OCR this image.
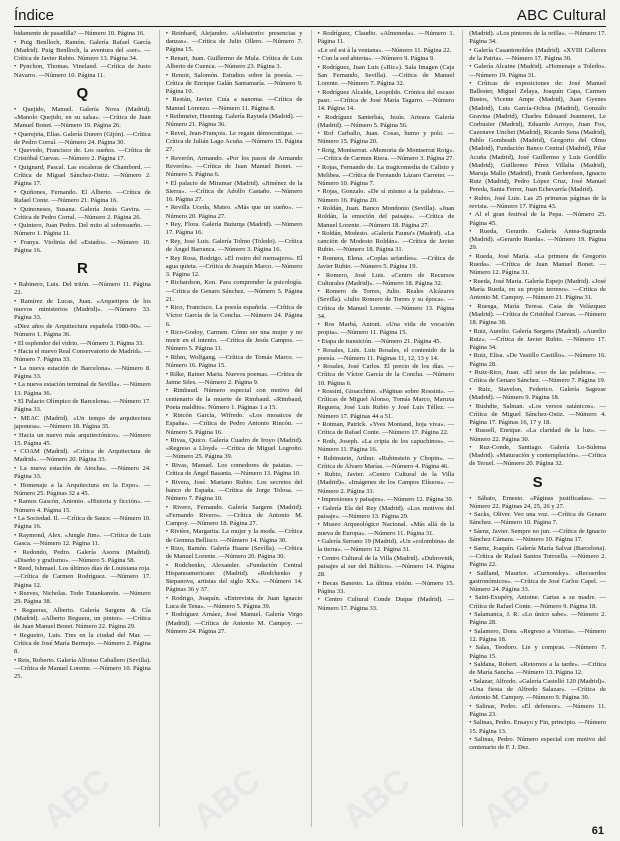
Índice	ABC Cultural
bidamente de pasadilla? —Número 10. Página 16.
• Puig Benlloch, Ramón. Galería Rafael García (Madrid). Puig Benlloch, la aventura del «ser». —Crítica de Javier Rubio. Número 13. Página 34.
• Pynchon, Thomas. Vineland. —Crítica de Justo Navarro. —Número 10. Página 11.
Q
• Quejido, Manuel. Galería Nova (Madrid). «Manolo Quejido, en su salsa». —Crítica de Juan Manuel Bonet. —Número 19. Página 26.
• Querejeta, Elías. Galería Durero (Gijón). —Crítica de Pedro Corral. —Número 24. Página 30.
• Quevedo, Francisco de. Los sueños. —Crítica de Cristóbal Cuevas. —Número 2. Página 17.
• Quignard, Pascal. Las escaleras de Chambord. —Crítica de Miguel Sánchez-Ostiz. —Número 2. Página 17.
• Quiñones, Fernando. El Alberto. —Crítica de Rafael Conte. —Número 21. Página 16.
• Quinoneses, Susana. Galería Jesús Gavira. —Crítica de Pedro Corral. —Número 2. Página 26.
• Quintero, Juan Pedro. Del mito al sobresueño. —Número 1. Página 11.
• Franya. Violinia del «Estado». —Número 10. Página 16.
R
• Rabinero, Luis. Del tritón. —Número 11. Página 22.
• Ramírez de Lucas, Juan. «Arquetipos de los nuevos ministerios (Madrid)». —Número 33. Página 33.
«Diez años de Arquitectura española 1980-90». —Número 1. Página 36.
• El esplendor del vidrio. —Número 3. Página 33.
• Hacia el nuevo Real Conservatorio de Madrid». —Número 7. Página 33.
• La nueva estación de Barcelona». —Número 8. Página 33.
• La nueva estación terminal de Sevilla». —Número 13. Página 36.
• El Palacio Olímpico de Barcelona». —Número 17. Página 33.
• MEAC (Madrid). «Un tempo de arquitectura japonesa». —Número 18. Página 35.
• Hacia un nuevo más arquitectónico». —Número 15. Página 45.
• COAM (Madrid). «Crítica de Arquitectura de Madrid». —Número 20. Página 33.
• La nueva estación de Atocha». —Número 24. Página 33.
• Homenaje a la Arquitectura en la Expo». —Número 25. Páginas 32 a 45.
• Ramos Gascón, Antonio. «Historia y ficción». —Número 4. Página 15.
• La Sociedad. Il. —Crítica de Sauce. —Número 10. Página 16.
• Raymond, Alex. «Jungle Jim». —Crítica de Luis Gasca. —Número 12. Página 11.
• Redondo, Pedro. Galería Asorra (Madrid). «Diseño y grafismo». —Número 5. Página 58.
• Reed, Ishmael. Los últimos días de Louisiana roja. —Crítica de Carmen Rodríguez. —Número 17. Página 12.
• Reeves, Nicholas. Todo Tutankamón. —Número 29. Página 38.
• Regueras, Alberto. Galería Sargens & Cía (Madrid). «Alberto Reguera, un pintor». —Crítica de Juan Manuel Bonet. Número 22. Página 29.
• Regueiro, Luis. Tres en la ciudad del Mar. —Crítica de José María Bermejo. —Número 2. Página 8.
• Reis, Roberto. Galería Alfonso Caballero (Sevilla). —Crítica de Manuel Lorente. —Número 10. Página 25.
• Reinhard, Alejandro. «Alebatorio: presencias y danzas». —Crítica de Julio Ollero. —Número 7. Página 15.
• Renart, Juan. Guillermo de Mula. Crítica de Luis Alberto de Cuenca. —Número 23. Página 3.
• Renoir, Salomón. Estudios sobre la poesía. —Crítica de Enrique Galán Santamaría. —Número 9. Página 10.
• Restán, Javier. Cuía a nanoma. —Crítica de Manuel Lorenzo. —Número 11. Página 8.
• Rethmeier, Henning. Galería Rayuela (Madrid). —Número 21. Página 36.
• Revel, Jean-François. Le regain démocratique. —Crítica de Julián Lago Acuña. —Número 15. Página 27.
• Reverón, Armando. «Por los pasos de Armando Reverón». —Crítica de Juan Manuel Bonet. —Número 5. Página 6.
• El palacio de Miramar (Madrid). «Jiménez de la Sierra». —Crítica de Adolfo Castaño. —Número 16. Página 27.
• Revilla Uceda, Mateo. «Más que un sueño». —Número 20. Página 27.
• Rey, Flora. Galería Buturqa (Madrid). —Número 17. Página 16.
• Rey, José Luis. Galería Tolmo (Toledo). —Crítica de Ángel Barranca. —Número 3. Página 16.
• Rey Rosa, Rodrigo. «El rostro del mensajero». El agua quieta. —Crítica de Joaquín Marco. —Número 3. Página 12.
• Richardson, Ken. Para comprender la psicología. —Crítica de Genaro Sánchez. —Número 5. Página 21.
• Rico, Francisco. La poesía española. —Crítica de Víctor García de la Concha. —Número 24. Página 6.
• Rico-Godoy, Carmen. Cómo ser una mujer y no morir en el intento. —Crítica de Jesús Campos. —Número 5. Página 11.
• Rihm, Wolfgang. —Crítica de Tomás Marco. —Número 16. Página 15.
• Rilke, Rainer Maria. Nuevos poemas. —Crítica de Jaime Siles. —Número 2. Página 9.
• Rimbaud. Número especial con motivo del centenario de la muerte de Rimbaud. «Rimbaud, Poeta maldito». Número 1. Páginas 1 a 15.
• Rincón García, Wifredo. «Los mosaicos de España». —Crítica de Pedro Antonio Rincón. —Número 5. Página 16.
• Rivas, Quico. Galería Cuadro de Iroyo (Madrid). «Regreso a Lloyd» —Crítica de Miguel Logroño. —Número 25. Página 39.
• Rivas, Manuel. Los comedores de patatas. —Crítica de Ángel Basanta. —Número 13. Página 10.
• Rivera, José. Mariano Rubio. Los secretos del banco de España. —Crítica de Jorge Tolosa. —Número 7. Página 10.
• Rivero, Fernando. Galería Sargens (Madrid). «Fernando Rivero». —Crítica de Antonio M. Campoy. —Número 18. Página 27.
• Rivière, Margarita. La mujer y la moda. —Crítica de Gemma Bellisco. —Número 14. Página 30.
• Rizo, Ramón. Galería Haane (Sevilla). —Crítica de Manuel Lorente. —Número 20. Página 30.
• Rodchenko, Alexander. «Fundación Central Hispanoamericano (Madrid). «Rodchenko y Stepanova, artistas del siglo XX». —Número 14. Páginas 36 y 37.
• Rodrigo, Joaquín. «Entrevista de Juan Ignacio Luca de Tena». —Número 5. Página 39.
• Rodríguez Arnáez, José Manuel. Galería Virgo (Madrid). —Crítica de Antonio M. Campoy. —Número 24. Página 27.
• Rodríguez, Claudio. «Almoneda». —Número 1. Página 11.
«Le sol est à la ventana». —Número 11. Página 22.
• Con la sed abierta». —Número 9. Página 9.
• Rodríguez, Juan Luis («Ric»). Sala Imagen (Caja San Fernando, Sevilla). —Crítica de Manuel Lorente. —Número 7. Página 32.
• Rodríguez Alcalde, Leopoldo. Crónica del escaso paso. —Crítica de José María Tagarro. —Número 14. Página 14.
• Rodríguez Santerbás, Jesús. Arteara Galería (Madrid). —Número 5. Página 56.
• Rof Carballo, Juan. Cosas, humo y polo. —Número 15. Página 20.
• Roig, Montserrat. «Memoria de Montserrat Roig». —Crítica de Carmen Riera. —Número 3. Página 27.
• Rojas, Fernando de. La tragicomedia de Calisto y Melibea. —Crítica de Fernando Lázaro Carreter. —Número 10. Página 7.
• Rojas, Gonzalo. «De sí mismo a la palabra». —Número 16. Página 20.
• Roldán, Juan. Banco Mondonio (Sevilla). «Juan Roldán, la emoción del paisaje». —Crítica de Manuel Lorente. —Número 18. Página 27.
• Roldán, Modesto. «Galería Fauna's (Madrid). «La canción de Modesto Roldán». —Crítica de Javier Rubio. —Número 18. Página 31.
• Romera, Elena. «Coplas sefardíes». —Crítica de Javier Rubio. —Número 5. Página 19.
• Romero, José Luis. «Centro de Recursos Culturales (Madrid)». —Número 18. Página 32.
• Romero de Torres, Julio. Reales Alcázares (Sevilla). «Julio Romero de Torres y su época». —Crítica de Manuel Lorente. —Número 13. Página 34.
• Ros Marbá, Antoni. «Una vida de vocación propia». —Número 11. Página 15.
• Etapa de transición. —Número 21. Página 45.
• Rosales, Luis. Luis Rosales, el contenido de la poesía. —Número 11. Páginas 11, 12, 13 y 14.
• Rosales, José Carlos. El precio de los días. —Crítica de Víctor García de la Concha. —Número 10. Página 6.
• Rossini, Gioacchino. «Páginas sobre Rossini». —Críticas de Miguel Alonso, Tomás Marco, Maruxa Reguera, José Luis Rubio y José Luis Téllez. —Número 17. Páginas 44 a 51.
• Rotman, Patrick. «Yves Montand, hoja viva». —Crítica de Rafael Conte. —Número 17. Página 22.
• Roth, Joseph. «La cripta de los capuchinos». —Número 11. Página 16.
• Rubinstein, Arthur. «Rubinstein y Chopin». —Crítica de Álvaro Marías. —Número 4. Página 46.
• Rubio, Javier. «Centro Cultural de la Villa (Madrid)». «Imágenes de los Campos Elíseos». —Número 2. Página 31.
• Impresiones y paisajes». —Número 12. Página 30.
• Galería Ela del Rey (Madrid). «Los motivos del paisaje». —Número 13. Página 29.
• Museo Arqueológico Nacional. «Más allá de la nueva de Europa». —Número 11. Página 31.
• Galería Serrano 19 (Madrid). «Un «colombina» de la tierra». —Número 12. Página 31.
• Centro Cultural de la Villa (Madrid). «Dubrovnik, paisajes al sur del Báltico». —Número 14. Página 28.
• Becas Banesto. La última visión. —Número 15. Página 33.
• Centro Cultural Conde Duque (Madrid). —Número 17. Página 33.
(Madrid). «Los pintores de la orilla». —Número 17. Página 34.
• Galería Casantonobles (Madrid). «XVIII Calleres de la Patria». —Número 17. Página 30.
• Galería Alcaine (Madrid). «Homenaje a Toledo». —Número 19. Página 31.
• Críticas de exposiciones de: José Manuel Ballester, Miguel Zelaya, Joaquín Capa, Carmen Bustos, Vicente Ampe (Madrid), Juan Gyenes (Madrid), Luis García-Ochoa (Madrid), Gonzalo Gravina (Madrid), Charles Edouard Jeanneret, Le Corbusier (Madrid), Eduardo Arroyo, Juan Fox, Cazenave Unchet (Madrid), Ricardo Sena (Madrid), Pablo Gombeath (Madrid), Gregorio del Olmo (Madrid), Fundación Banco Central (Madrid), Pilar Acuña (Madrid), José Guillermo y Luis Gordillo (Madrid), Guillermo Pérez Villalta (Madrid), Maruja Mallo (Madrid), Frank Gerhenfsen, Ignacio Ruiz (Madrid), Pedro López Cruz, José Manuel Pereda, Santa Ferrer, Juan Echevarría (Madrid).
• Rubio, José Luis. Las 25 primeras páginas de la revista. —Número 17. Página 43.
• Al el gran festival de la Pepa. —Número 25. Página 45.
• Rueda, Gerardo. Galería Antea-Sugrueda (Madrid). «Gerardo Rueda». —Número 19. Página 29.
• Rueda, José María. «La primera de Gregorio Rueda». —Crítica de Juan Manuel Bonet. —Número 12. Página 31.
• Rueda, José María. Galería Espejo (Madrid). «José María Rueda, en su propio terreno». —Crítica de Antonio M. Campoy. —Número 21. Página 31.
• Ruesga, María Teresa. Casa de Velázquez (Madrid). —Crítica de Cristóbal Cuevas. —Número 18. Página 38.
• Ruiz, Aurelio. Galería Sargens (Madrid). «Aurelio Ruiz». —Crítica de Javier Rubio. —Número 17. Página 34.
• Ruiz, Elisa. «De Vastillo Castillo». —Número 16. Página 28.
• Ruiz-Rico, Juan. «El sexo de las palabras». —Crítica de Genaro Sánchez. —Número 7. Página 19.
• Ruiz, Stavelon, Federico. Galería Sagesse (Madrid). —Número 9. Página 18.
• Rushdie, Salman. «Los versos satánicos». —Crítica de Miguel Sánchez-Ostiz. —Número 4. Página 17. Páginas 16, 17 y 18.
• Russell, Enrique. «La claridad de la luz». —Número 22. Página 30.
• Ruz-Conde, Santiago. Galería Lo-Sulema (Madrid). «Maturación y contemplación». —Crítica de Teruel. —Número 20. Página 32.
S
• Sábato, Ernesto. «Páginas justificadas». —Número 22. Páginas 24, 25, 26 y 27.
• Sacks, Oliver. Veo una voz. —Crítica de Genaro Sánchez. —Número 10. Página 7.
• Sáenz, Javier. Sempre no jun. —Crítica de Ignacio Sánchez Cámara. —Número 10. Página 17.
• Saenz, Joaquín. Galería María Salvat (Barcelona). —Crítica de Rafael Santos Torroella. —Número 2. Página 22.
• Sailland, Maurice. «Curnonsky». «Recuerdos gastronómicos». —Crítica de José Carlos Capel. —Número 24. Página 33.
• Saint-Exupéry, Antoine. Cartas a su madre. —Crítica de Rafael Conte. —Número 9. Página 18.
• Salamanca, J. R. «Lo único sabe». —Número 2. Página 28.
• Salamero, Dora. «Regreso a Vitoria». —Número 12. Página 18.
• Salas, Teodoro. Lie y compras. —Número 7. Página 15.
• Saldana, Robert. «Retornos a la tarde». —Crítica de María Sancha. —Número 13. Página 12.
• Salazar, Alfredo. «Galería Castelló 120 (Madrid)». «Una fiesta de Alfredo Salazar». —Crítica de Antonio M. Campoy. —Número 9. Página 30.
• Salinas, Pedro. «El defensor». —Número 11. Página 23.
• Salinas, Pedro. Ensayo y Fin, principio. —Número 15. Página 13.
• Salinas, Pedro. Número especial con motivo del centenario de F. J. Dez.
ABC ABC ABC ABC	61
